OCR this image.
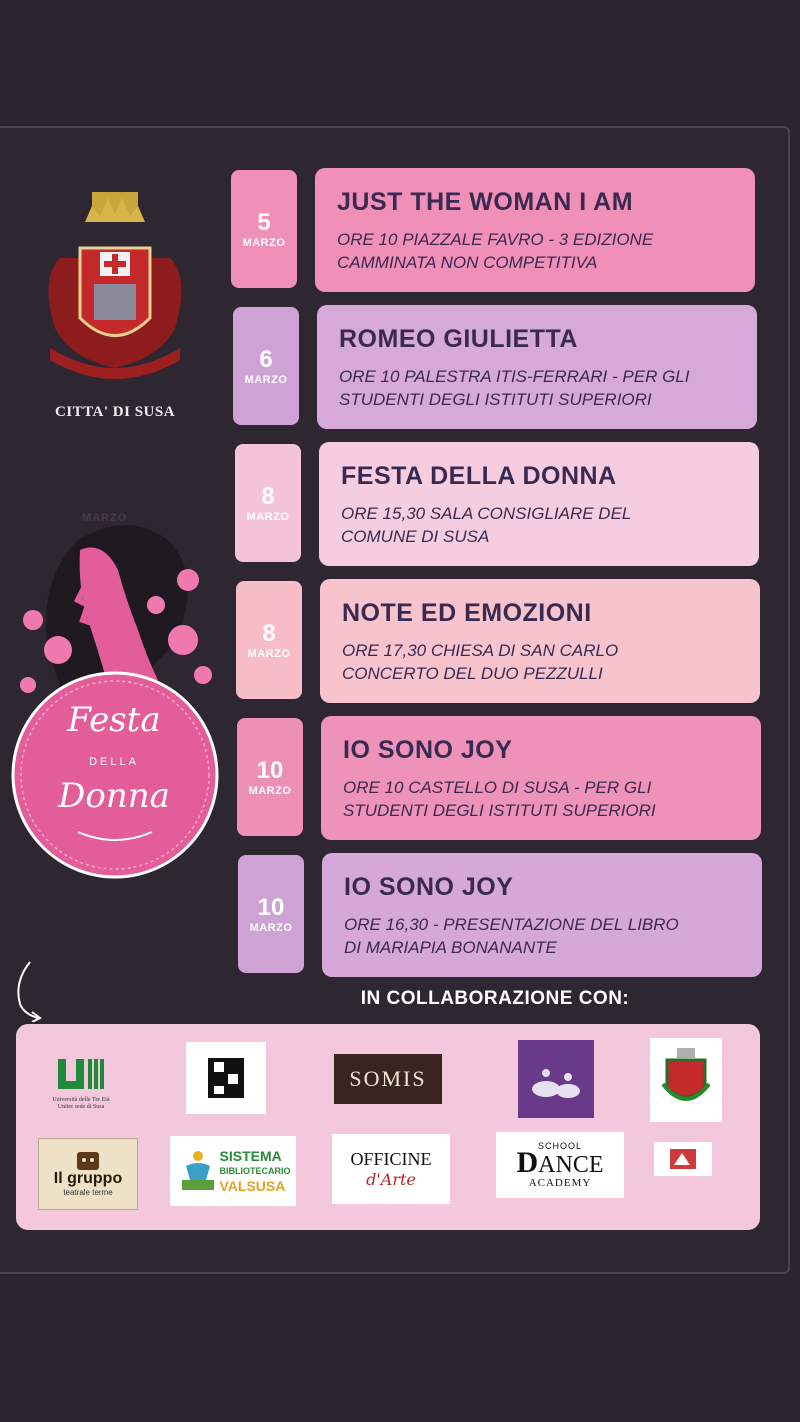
CITTA' DI SUSA
MARZO
Festa
DELLA
Donna
5
MARZO
JUST THE WOMAN I AM
ORE 10 PIAZZALE FAVRO - 3 EDIZIONE
CAMMINATA NON COMPETITIVA
6
MARZO
ROMEO GIULIETTA
ORE 10 PALESTRA ITIS-FERRARI - PER GLI
STUDENTI DEGLI ISTITUTI SUPERIORI
8
MARZO
FESTA DELLA DONNA
ORE 15,30 SALA CONSIGLIARE DEL
COMUNE DI SUSA
8
MARZO
NOTE ED EMOZIONI
ORE 17,30 CHIESA DI SAN CARLO
CONCERTO DEL DUO PEZZULLI
10
MARZO
IO SONO JOY
ORE 10 CASTELLO DI SUSA - PER GLI
STUDENTI DEGLI ISTITUTI SUPERIORI
10
MARZO
IO SONO JOY
ORE 16,30 - PRESENTAZIONE DEL LIBRO
DI MARIAPIA BONANANTE
IN COLLABORAZIONE CON:
Università delle Tre Età Unitre sede di Susa
SOMIS
Il gruppo
teatrale terme
SISTEMA
BIBLIOTECARIO
VALSUSA
OFFICINE
d'Arte
SCHOOL
DANCE
ACADEMY
